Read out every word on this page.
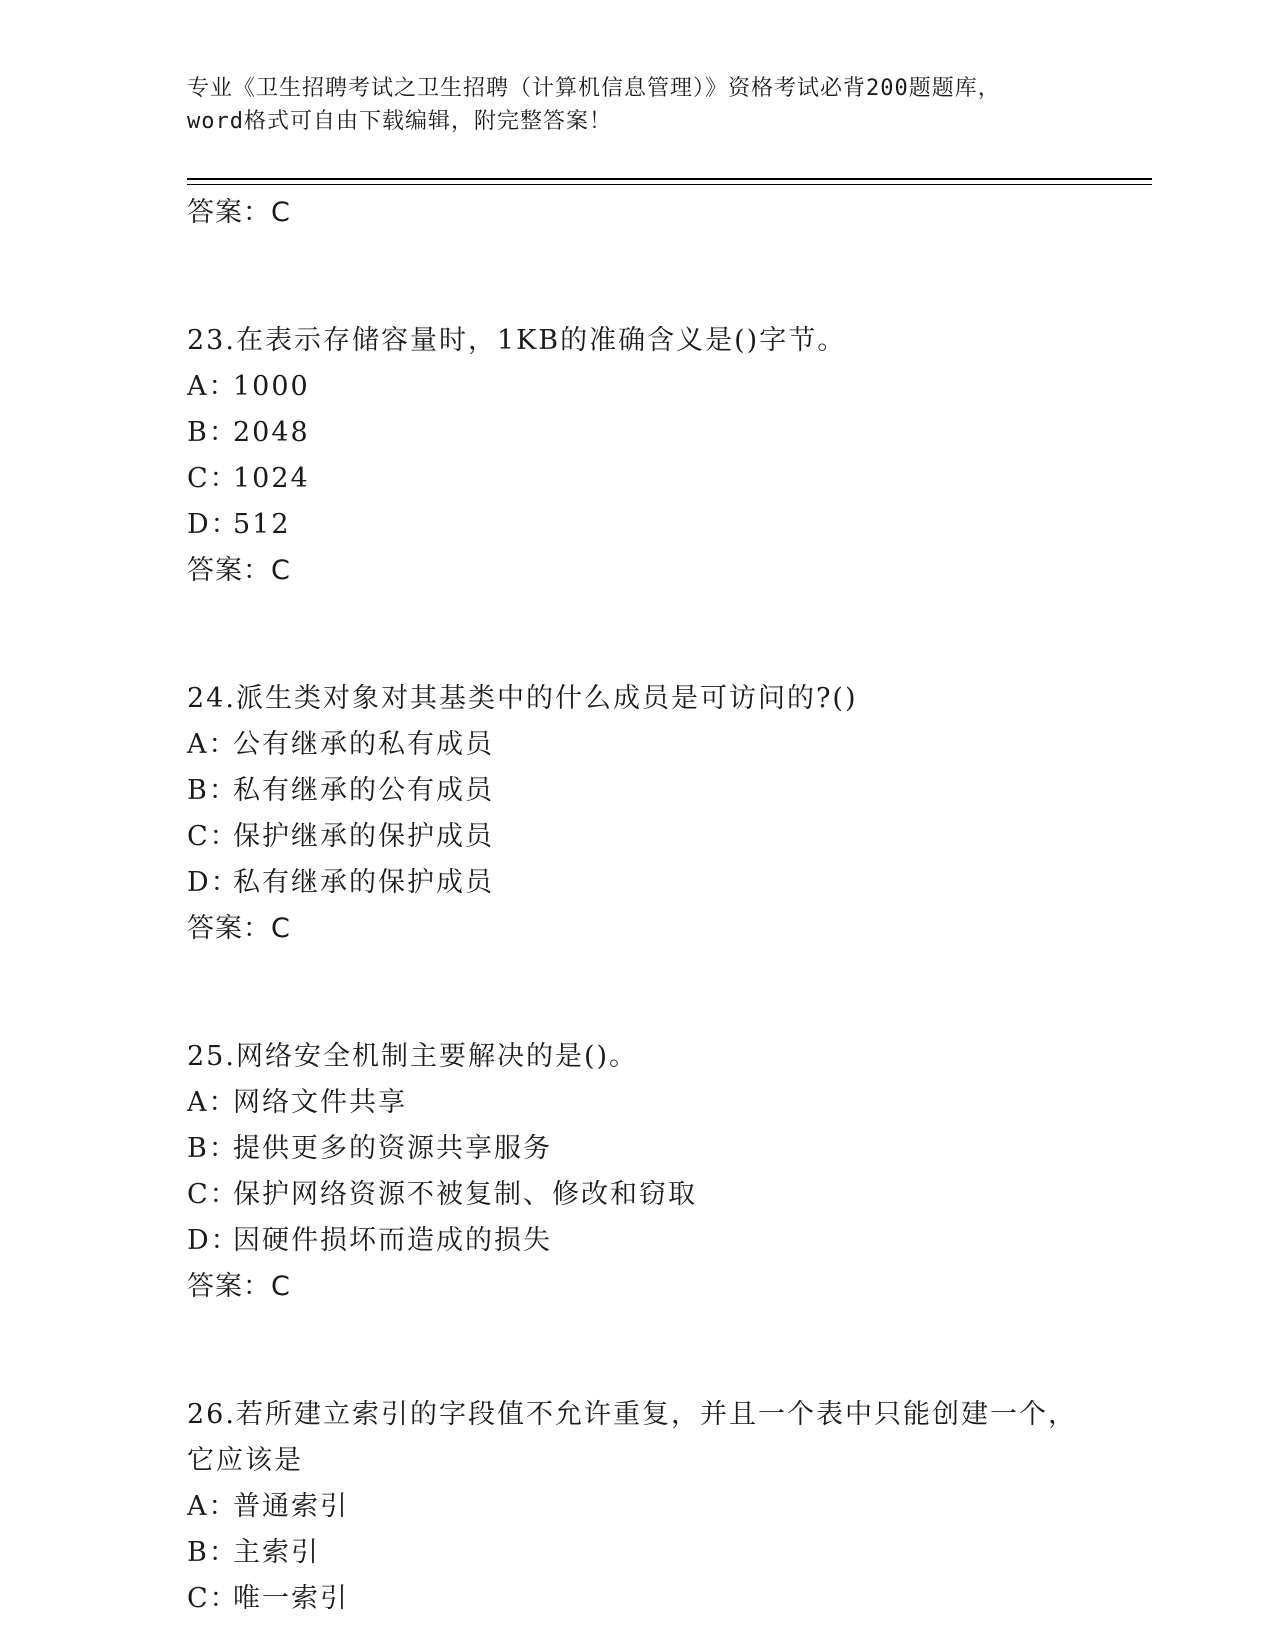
专业《卫生招聘考试之卫生招聘（计算机信息管理）》资格考试必背200题题库，
word格式可自由下载编辑，附完整答案！
答案：C
23.在表示存储容量时，1KB的准确含义是()字节。
A：1000
B：2048
C：1024
D：512
答案：C
24.派生类对象对其基类中的什么成员是可访问的?()
A：公有继承的私有成员
B：私有继承的公有成员
C：保护继承的保护成员
D：私有继承的保护成员
答案：C
25.网络安全机制主要解决的是()。
A：网络文件共享
B：提供更多的资源共享服务
C：保护网络资源不被复制、修改和窃取
D：因硬件损坏而造成的损失
答案：C
26.若所建立索引的字段值不允许重复，并且一个表中只能创建一个，
它应该是
A：普通索引
B：主索引
C：唯一索引
